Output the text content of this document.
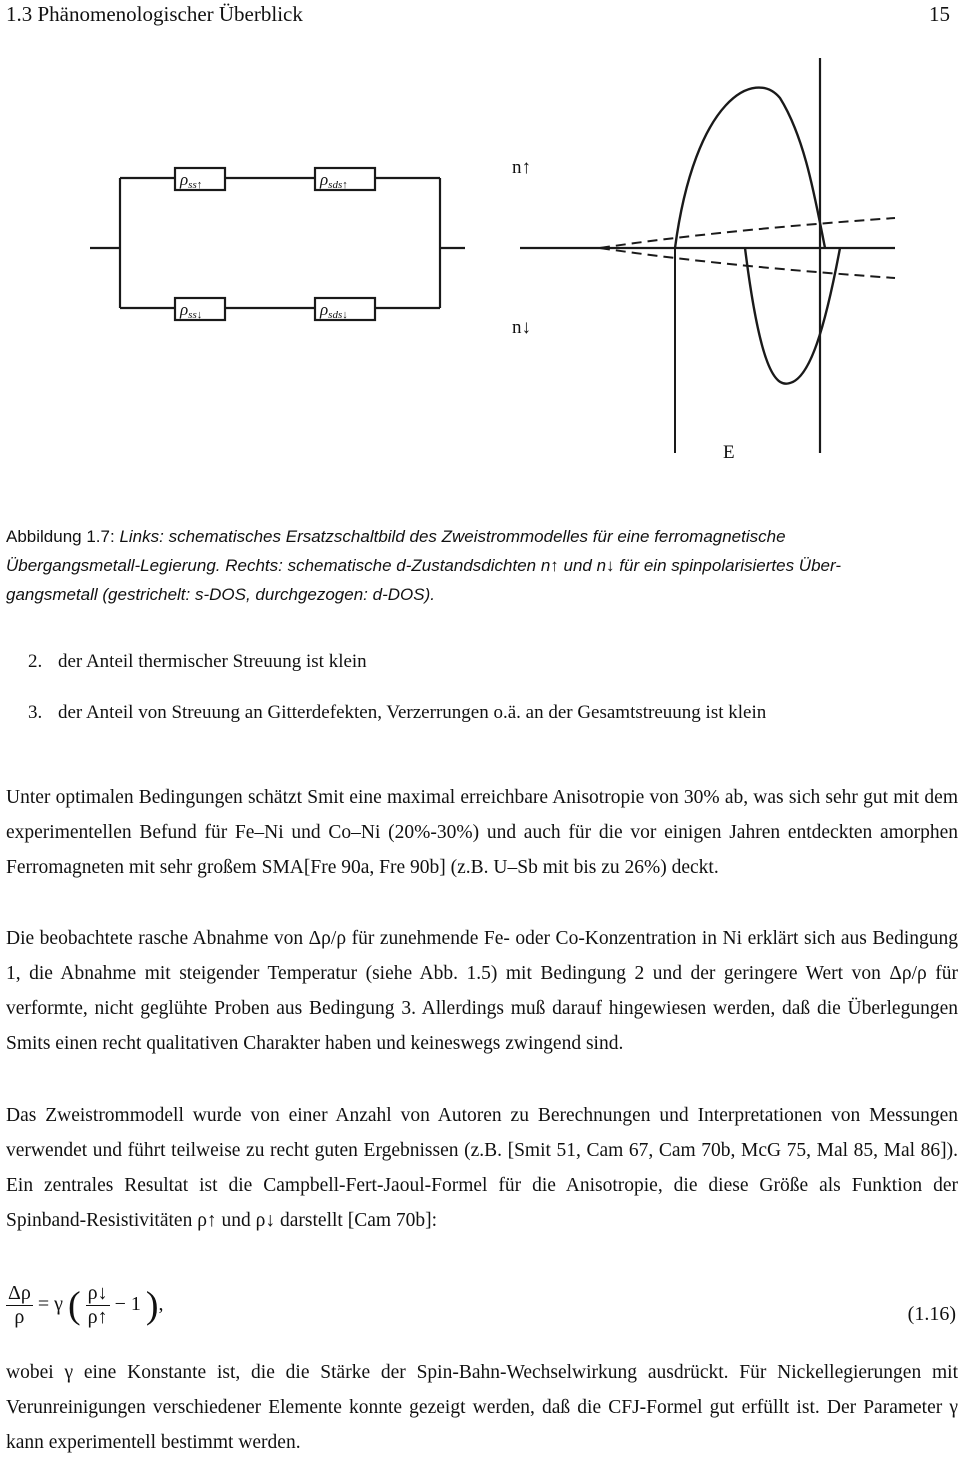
1.3 Phänomenologischer Überblick	15
ρss↑	ρsds↑
ρss↓	ρsds↓
n↑
n↓
E
Abbildung 1.7: Links: schematisches Ersatzschaltbild des Zweistrommodelles für eine ferromagnetische
Übergangsmetall-Legierung. Rechts: schematische d-Zustandsdichten n↑ und n↓ für ein spinpolarisiertes Über-
gangsmetall (gestrichelt: s-DOS, durchgezogen: d-DOS).
2. der Anteil thermischer Streuung ist klein
3. der Anteil von Streuung an Gitterdefekten, Verzerrungen o.ä. an der Gesamtstreuung ist klein
Unter optimalen Bedingungen schätzt Smit eine maximal erreichbare Anisotropie von 30% ab, was sich sehr gut mit dem experimentellen Befund für Fe–Ni und Co–Ni (20%-30%) und auch für die vor einigen Jahren entdeckten amorphen Ferromagneten mit sehr großem SMA[Fre 90a, Fre 90b] (z.B. U–Sb mit bis zu 26%) deckt.
Die beobachtete rasche Abnahme von Δρ/ρ für zunehmende Fe- oder Co-Konzentration in Ni erklärt sich aus Bedingung 1, die Abnahme mit steigender Temperatur (siehe Abb. 1.5) mit Bedingung 2 und der geringere Wert von Δρ/ρ für verformte, nicht geglühte Proben aus Bedingung 3. Allerdings muß darauf hingewiesen werden, daß die Überlegungen Smits einen recht qualitativen Charakter haben und keineswegs zwingend sind.
Das Zweistrommodell wurde von einer Anzahl von Autoren zu Berechnungen und Interpretationen von Messungen verwendet und führt teilweise zu recht guten Ergebnissen (z.B. [Smit 51, Cam 67, Cam 70b, McG 75, Mal 85, Mal 86]). Ein zentrales Resultat ist die Campbell-Fert-Jaoul-Formel für die Anisotropie, die diese Größe als Funktion der Spinband-Resistivitäten ρ↑ und ρ↓ darstellt [Cam 70b]:
$\frac{\Delta\rho}{\rho} = \gamma$ ( $\frac{\rho↓}{\rho↑} - 1$ ),	(1.16)
wobei γ eine Konstante ist, die die Stärke der Spin-Bahn-Wechselwirkung ausdrückt. Für Nickellegierungen mit Verunreinigungen verschiedener Elemente konnte gezeigt werden, daß die CFJ-Formel gut erfüllt ist. Der Parameter γ kann experimentell bestimmt werden.
